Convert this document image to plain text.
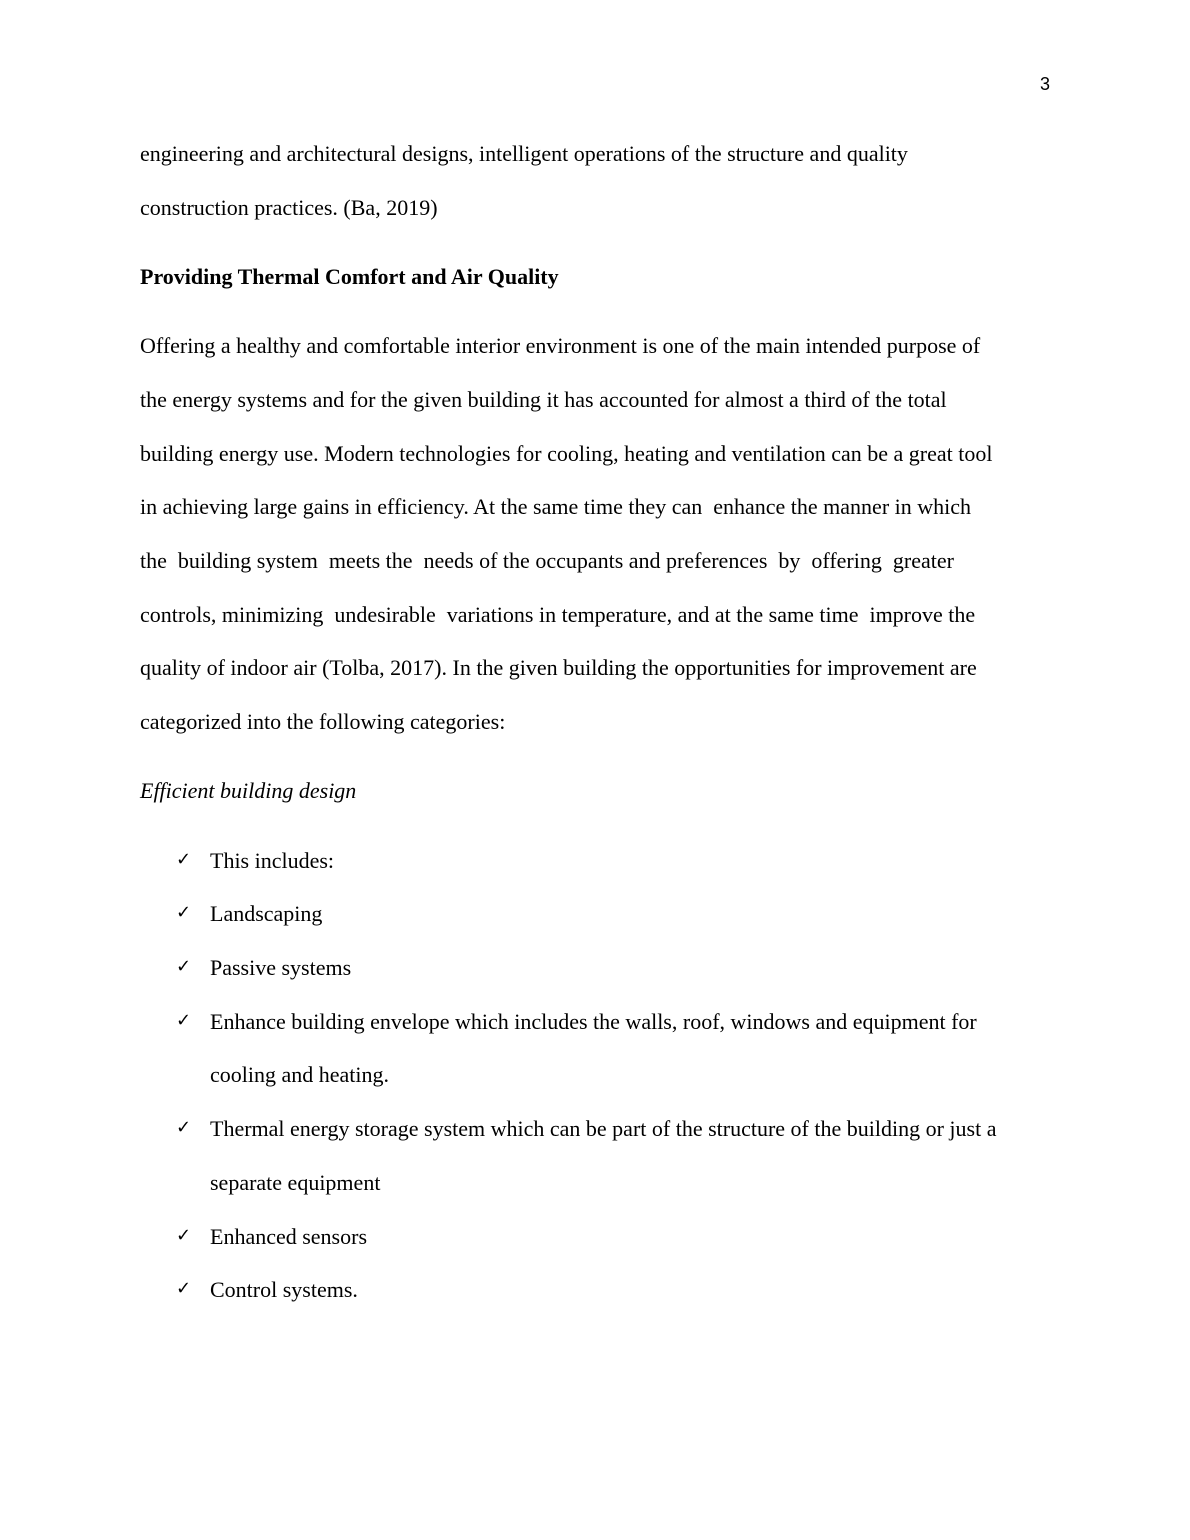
3
engineering and architectural designs, intelligent operations of the structure and quality
construction practices. (Ba, 2019)
Providing Thermal Comfort and Air Quality
Offering a healthy and comfortable interior environment is one of the main intended purpose of
the energy systems and for the given building it has accounted for almost a third of the total
building energy use. Modern technologies for cooling, heating and ventilation can be a great tool
in achieving large gains in efficiency. At the same time they can  enhance the manner in which
the  building system  meets the  needs of the occupants and preferences  by  offering  greater
controls, minimizing  undesirable  variations in temperature, and at the same time  improve the
quality of indoor air (Tolba, 2017). In the given building the opportunities for improvement are
categorized into the following categories:
Efficient building design
✓ This includes:
✓ Landscaping
✓ Passive systems
✓ Enhance building envelope which includes the walls, roof, windows and equipment for
cooling and heating.
✓ Thermal energy storage system which can be part of the structure of the building or just a
separate equipment
✓ Enhanced sensors
✓ Control systems.
